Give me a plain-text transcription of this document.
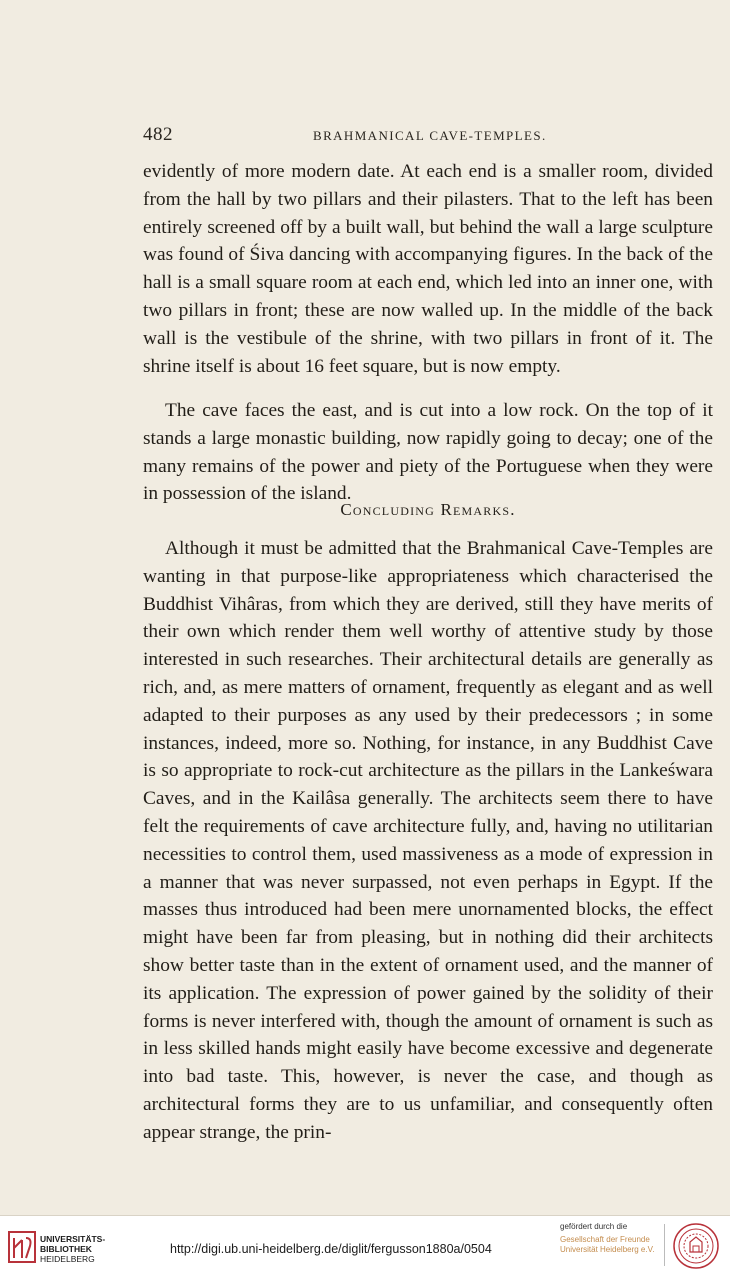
482	BRAHMANICAL CAVE-TEMPLES.

evidently of more modern date. At each end is a smaller room, divided from the hall by two pillars and their pilasters. That to the left has been entirely screened off by a built wall, but behind the wall a large sculpture was found of Śiva dancing with accompanying figures. In the back of the hall is a small square room at each end, which led into an inner one, with two pillars in front; these are now walled up. In the middle of the back wall is the vestibule of the shrine, with two pillars in front of it. The shrine itself is about 16 feet square, but is now empty.

The cave faces the east, and is cut into a low rock. On the top of it stands a large monastic building, now rapidly going to decay; one of the many remains of the power and piety of the Portuguese when they were in possession of the island.

Concluding Remarks.

Although it must be admitted that the Brahmanical Cave-Temples are wanting in that purpose-like appropriateness which characterised the Buddhist Vihâras, from which they are derived, still they have merits of their own which render them well worthy of attentive study by those interested in such researches. Their architectural details are generally as rich, and, as mere matters of ornament, frequently as elegant and as well adapted to their purposes as any used by their predecessors ; in some instances, indeed, more so. Nothing, for instance, in any Buddhist Cave is so appropriate to rock-cut architecture as the pillars in the Lankeśwara Caves, and in the Kailâsa generally. The architects seem there to have felt the requirements of cave architecture fully, and, having no utilitarian necessities to control them, used massiveness as a mode of expression in a manner that was never surpassed, not even perhaps in Egypt. If the masses thus introduced had been mere unornamented blocks, the effect might have been far from pleasing, but in nothing did their architects show better taste than in the extent of ornament used, and the manner of its application. The expression of power gained by the solidity of their forms is never interfered with, though the amount of ornament is such as in less skilled hands might easily have become excessive and degenerate into bad taste. This, however, is never the case, and though as architectural forms they are to us unfamiliar, and consequently often appear strange, the prin-

UNIVERSITÄTS-
BIBLIOTHEK
HEIDELBERG
http://digi.ub.uni-heidelberg.de/diglit/fergusson1880a/0504
gefördert durch die
Gesellschaft der Freunde
Universität Heidelberg e.V.
